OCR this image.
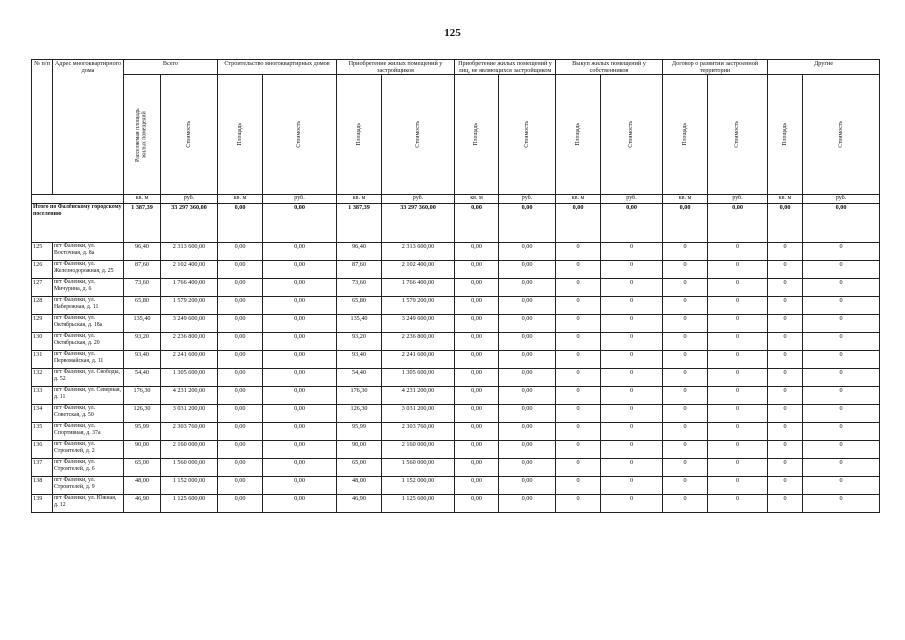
125
№ п/п	Адрес многоквартирного дома	Всего		Строительство многоквартирных домов		Приобретение жилых помещений у застройщиков		Приобретение жилых помещений у лиц, не являющихся застройщиком		Выкуп жилых помещений у собственников		Договор о развитии застроенной территории		Другие	

		Расселяемая площадь жилых помещений	Стоимость	Площадь	Стоимость	Площадь	Стоимость	Площадь	Стоимость	Площадь	Стоимость	Площадь	Стоимость	Площадь	Стоимость

		кв. м	руб.	кв. м	руб.	кв. м	руб.	кв. м	руб.	кв. м	руб.	кв. м	руб.	кв. м	руб.
Итого по Фалёнскому городскому поселению		1 387,39	33 297 360,00	0,00	0,00	1 387,39	33 297 360,00	0,00	0,00	0,00	0,00	0,00	0,00	0,00	0,00
125	пгт Фаленки, ул. Восточная, д. 8а	96,40	2 313 600,00	0,00	0,00	96,40	2 313 600,00	0,00	0,00	0	0	0	0	0	0
126	пгт Фаленки, ул. Железнодорожная, д. 25	87,60	2 102 400,00	0,00	0,00	87,60	2 102 400,00	0,00	0,00	0	0	0	0	0	0
127	пгт Фаленки, ул. Мичурина, д. 6	73,60	1 766 400,00	0,00	0,00	73,60	1 766 400,00	0,00	0,00	0	0	0	0	0	0
128	пгт Фаленки, ул. Набережная, д. 11	65,80	1 579 200,00	0,00	0,00	65,80	1 579 200,00	0,00	0,00	0	0	0	0	0	0
129	пгт Фаленки, ул. Октябрьская, д. 18а	135,40	3 249 600,00	0,00	0,00	135,40	3 249 600,00	0,00	0,00	0	0	0	0	0	0
130	пгт Фаленки, ул. Октябрьская, д. 20	93,20	2 236 800,00	0,00	0,00	93,20	2 236 800,00	0,00	0,00	0	0	0	0	0	0
131	пгт Фаленки, ул. Первомайская, д. 11	93,40	2 241 600,00	0,00	0,00	93,40	2 241 600,00	0,00	0,00	0	0	0	0	0	0
132	пгт Фаленки, ул. Свободы, д. 52	54,40	1 305 600,00	0,00	0,00	54,40	1 305 600,00	0,00	0,00	0	0	0	0	0	0
133	пгт Фаленки, ул. Северная, д. 11	176,30	4 231 200,00	0,00	0,00	176,30	4 231 200,00	0,00	0,00	0	0	0	0	0	0
134	пгт Фаленки, ул. Советская, д. 50	126,30	3 031 200,00	0,00	0,00	126,30	3 031 200,00	0,00	0,00	0	0	0	0	0	0
135	пгт Фаленки, ул. Спортивная, д. 37а	95,99	2 303 760,00	0,00	0,00	95,99	2 303 760,00	0,00	0,00	0	0	0	0	0	0
136	пгт Фаленки, ул. Строителей, д. 2	90,00	2 160 000,00	0,00	0,00	90,00	2 160 000,00	0,00	0,00	0	0	0	0	0	0
137	пгт Фаленки, ул. Строителей, д. 6	65,00	1 560 000,00	0,00	0,00	65,00	1 560 000,00	0,00	0,00	0	0	0	0	0	0
138	пгт Фаленки, ул. Строителей, д. 9	48,00	1 152 000,00	0,00	0,00	48,00	1 152 000,00	0,00	0,00	0	0	0	0	0	0
139	пгт Фаленки, ул. Южная, д. 12	46,90	1 125 600,00	0,00	0,00	46,90	1 125 600,00	0,00	0,00	0	0	0	0	0	0
